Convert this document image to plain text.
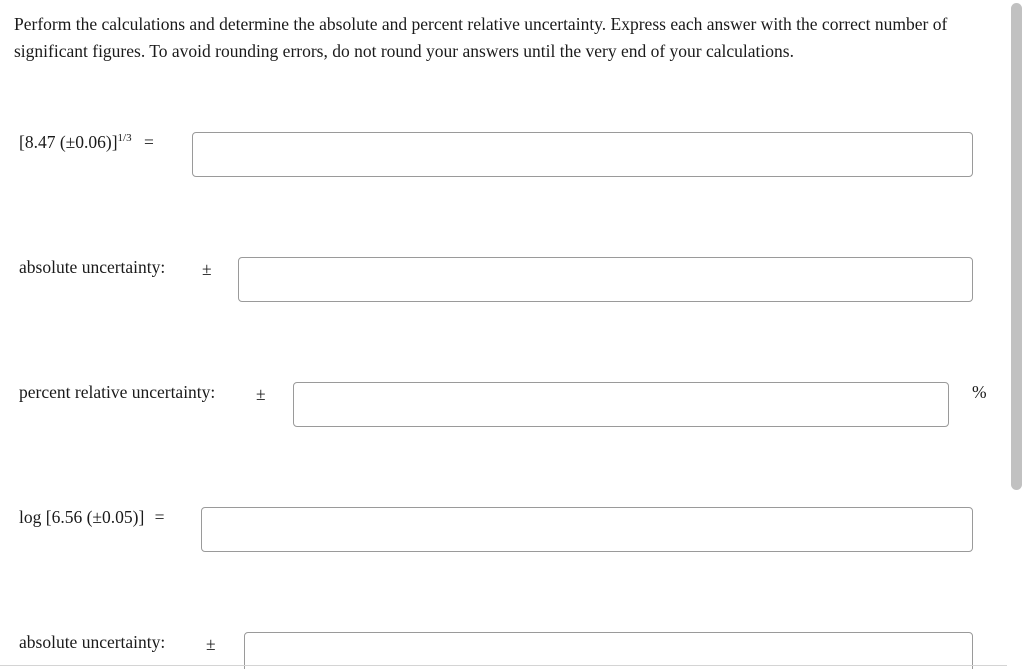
Perform the calculations and determine the absolute and percent relative uncertainty. Express each answer with the correct number of significant figures. To avoid rounding errors, do not round your answers until the very end of your calculations.

[8.47 (±0.06)]$^{1/3}$ =
absolute uncertainty: ±
percent relative uncertainty: ±	%
log [6.56 (±0.05)] =
absolute uncertainty: ±
